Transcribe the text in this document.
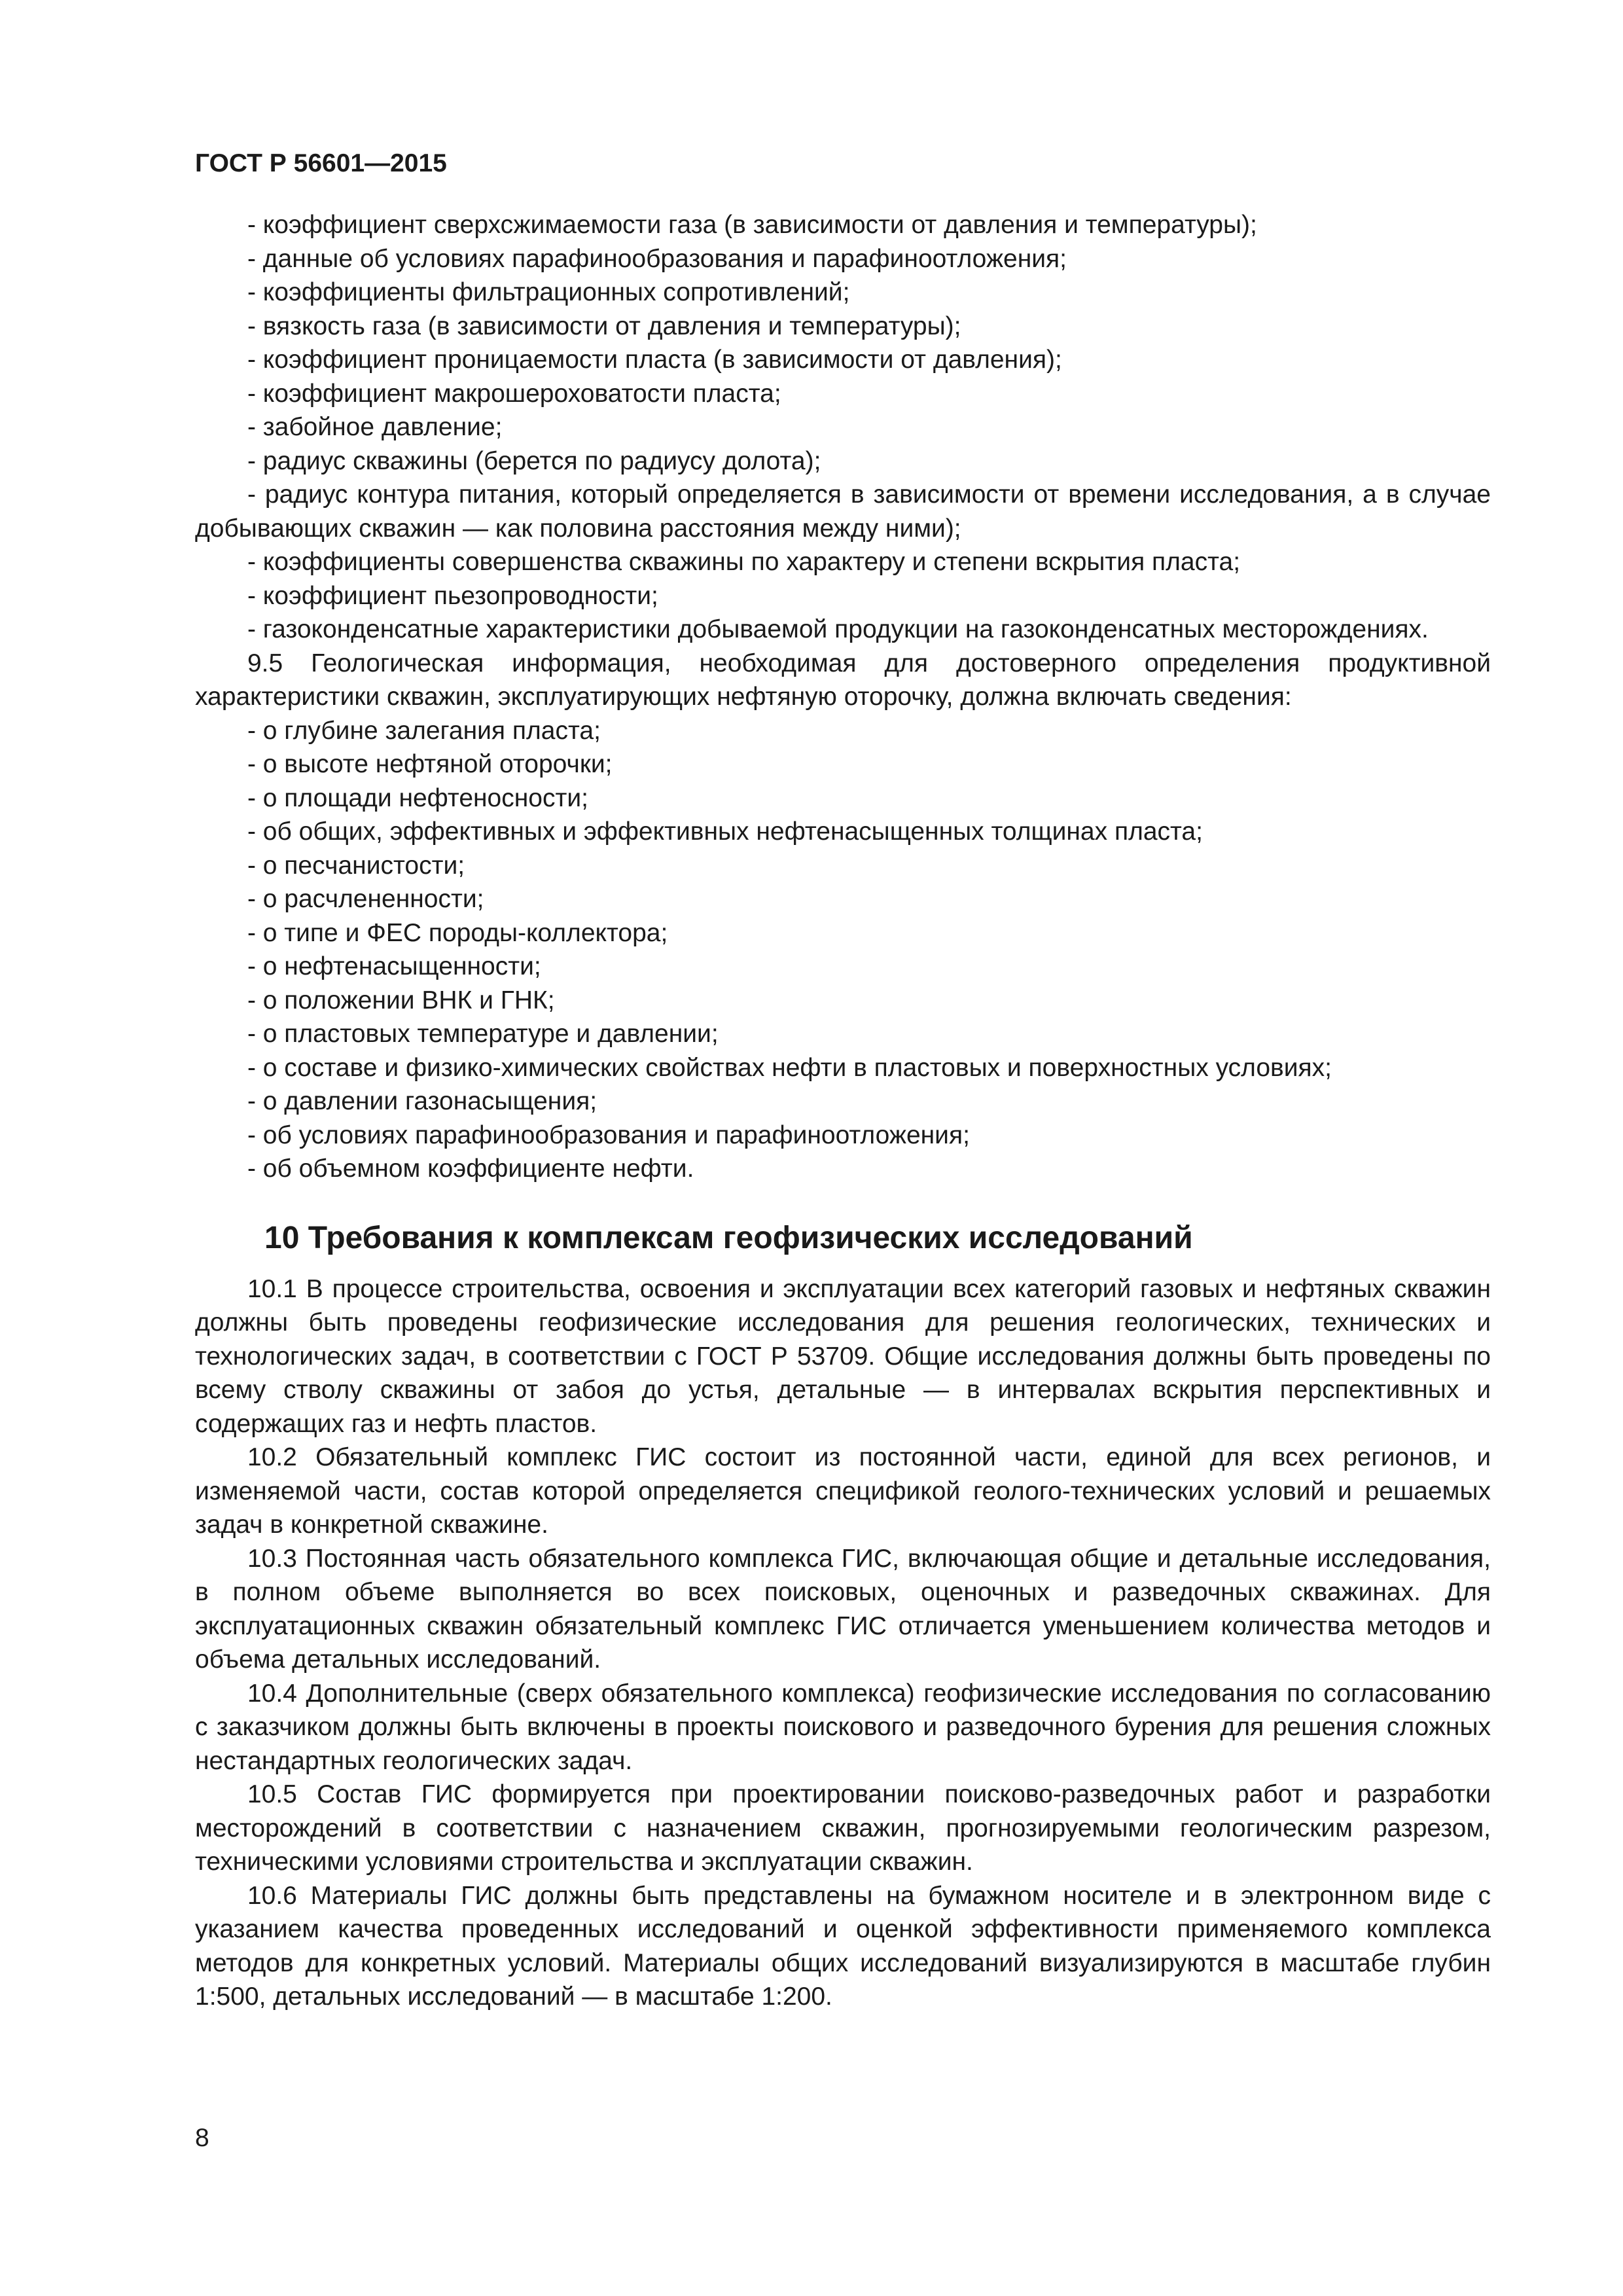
ГОСТ Р 56601—2015

- коэффициент сверхсжимаемости газа (в зависимости от давления и температуры);

- данные об условиях парафинообразования и парафиноотложения;

- коэффициенты фильтрационных сопротивлений;

- вязкость газа (в зависимости от давления и температуры);

- коэффициент проницаемости пласта (в зависимости от давления);

- коэффициент макрошероховатости пласта;

- забойное давление;

- радиус скважины (берется по радиусу долота);

- радиус контура питания, который определяется в зависимости от времени исследования, а в случае добывающих скважин — как половина расстояния между ними);

- коэффициенты совершенства скважины по характеру и степени вскрытия пласта;

- коэффициент пьезопроводности;

- газоконденсатные характеристики добываемой продукции на газоконденсатных месторождениях.

9.5 Геологическая информация, необходимая для достоверного определения продуктивной характеристики скважин, эксплуатирующих нефтяную оторочку, должна включать сведения:

- о глубине залегания пласта;

- о высоте нефтяной оторочки;

- о площади нефтеносности;

- об общих, эффективных и эффективных нефтенасыщенных толщинах пласта;

- о песчанистости;

- о расчлененности;

- о типе и ФЕС породы-коллектора;

- о нефтенасыщенности;

- о положении ВНК и ГНК;

- о пластовых температуре и давлении;

- о составе и физико-химических свойствах нефти в пластовых и поверхностных условиях;

- о давлении газонасыщения;

- об условиях парафинообразования и парафиноотложения;

- об объемном коэффициенте нефти.

10 Требования к комплексам геофизических исследований

10.1 В процессе строительства, освоения и эксплуатации всех категорий газовых и нефтяных скважин должны быть проведены геофизические исследования для решения геологических, технических и технологических задач, в соответствии с ГОСТ Р 53709. Общие исследования должны быть проведены по всему стволу скважины от забоя до устья, детальные — в интервалах вскрытия перспективных и содержащих газ и нефть пластов.

10.2 Обязательный комплекс ГИС состоит из постоянной части, единой для всех регионов, и изменяемой части, состав которой определяется спецификой геолого-технических условий и решаемых задач в конкретной скважине.

10.3 Постоянная часть обязательного комплекса ГИС, включающая общие и детальные исследования, в полном объеме выполняется во всех поисковых, оценочных и разведочных скважинах. Для эксплуатационных скважин обязательный комплекс ГИС отличается уменьшением количества методов и объема детальных исследований.

10.4 Дополнительные (сверх обязательного комплекса) геофизические исследования по согласованию с заказчиком должны быть включены в проекты поискового и разведочного бурения для решения сложных нестандартных геологических задач.

10.5 Состав ГИС формируется при проектировании поисково-разведочных работ и разработки месторождений в соответствии с назначением скважин, прогнозируемыми геологическим разрезом, техническими условиями строительства и эксплуатации скважин.

10.6 Материалы ГИС должны быть представлены на бумажном носителе и в электронном виде с указанием качества проведенных исследований и оценкой эффективности применяемого комплекса методов для конкретных условий. Материалы общих исследований визуализируются в масштабе глубин 1:500, детальных исследований — в масштабе 1:200.

8
